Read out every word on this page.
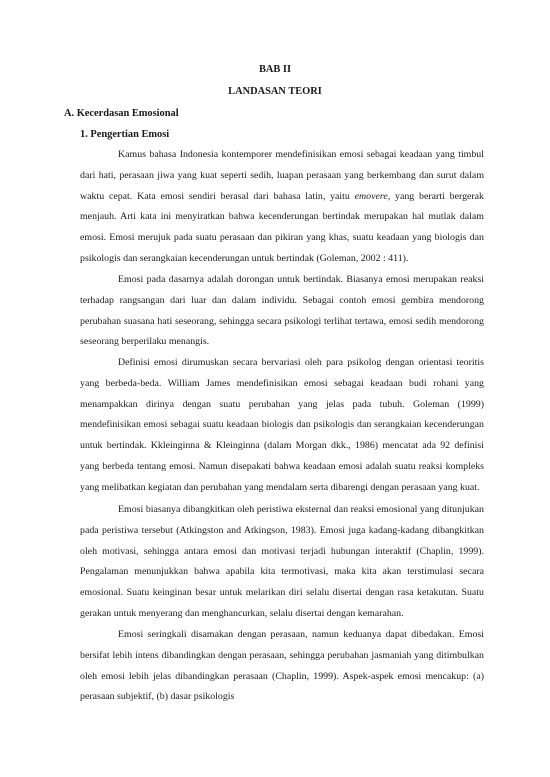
BAB II
LANDASAN TEORI
A. Kecerdasan Emosional
1. Pengertian Emosi

Kamus bahasa Indonesia kontemporer mendefinisikan emosi sebagai keadaan yang timbul dari hati, perasaan jiwa yang kuat seperti sedih, luapan perasaan yang berkembang dan surut dalam waktu cepat. Kata emosi sendiri berasal dari bahasa latin, yaitu emovere, yang berarti bergerak menjauh. Arti kata ini menyiratkan bahwa kecenderungan bertindak merupakan hal mutlak dalam emosi. Emosi merujuk pada suatu perasaan dan pikiran yang khas, suatu keadaan yang biologis dan psikologis dan serangkaian kecenderungan untuk bertindak (Goleman, 2002 : 411).

Emosi pada dasarnya adalah dorongan untuk bertindak. Biasanya emosi merupakan reaksi terhadap rangsangan dari luar dan dalam individu. Sebagai contoh emosi gembira mendorong perubahan suasana hati seseorang, sehingga secara psikologi terlihat tertawa, emosi sedih mendorong seseorang berperilaku menangis.

Definisi emosi dirumuskan secara bervariasi oleh para psikolog dengan orientasi teoritis yang berbeda-beda. William James mendefinisikan emosi sebagai keadaan budi rohani yang menampakkan dirinya dengan suatu perubahan yang jelas pada tubuh. Goleman (1999) mendefinisikan emosi sebagai suatu keadaan biologis dan psikologis dan serangkaian kecenderungan untuk bertindak. Kkleinginna & Kleinginna (dalam Morgan dkk., 1986) mencatat ada 92 definisi yang berbeda tentang emosi. Namun disepakati bahwa keadaan emosi adalah suatu reaksi kompleks yang melibatkan kegiatan dan perubahan yang mendalam serta dibarengi dengan perasaan yang kuat.

Emosi biasanya dibangkitkan oleh peristiwa eksternal dan reaksi emosional yang ditunjukan pada peristiwa tersebut (Atkingston and Atkingson, 1983). Emosi juga kadang-kadang dibangkitkan oleh motivasi, sehingga antara emosi dan motivasi terjadi hubungan interaktif (Chaplin, 1999). Pengalaman menunjukkan bahwa apabila kita termotivasi, maka kita akan terstimulasi secara emosional. Suatu keinginan besar untuk melarikan diri selalu disertai dengan rasa ketakutan. Suatu gerakan untuk menyerang dan menghancurkan, selalu disertai dengan kemarahan.

Emosi seringkali disamakan dengan perasaan, namun keduanya dapat dibedakan. Emosi bersifat lebih intens dibandingkan dengan perasaan, sehingga perubahan jasmaniah yang ditimbulkan oleh emosi lebih jelas dibandingkan perasaan (Chaplin, 1999). Aspek-aspek emosi mencakup: (a) perasaan subjektif, (b) dasar psikologis
